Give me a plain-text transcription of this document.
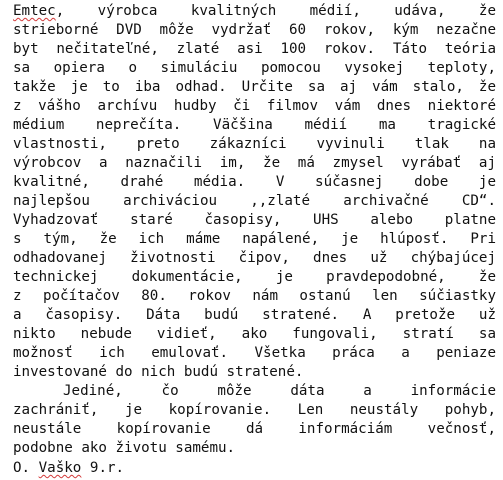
Emtec, výrobca kvalitných médií, udáva, že
strieborné DVD môže vydržať 60 rokov, kým nezačne
byt nečitateľné, zlaté asi 100 rokov. Táto teória
sa opiera o simuláciu pomocou vysokej teploty,
takže je to iba odhad. Určite sa aj vám stalo, že
z vášho archívu hudby či filmov vám dnes niektoré
médium neprečíta. Väčšina médií ma tragické
vlastnosti, preto zákazníci vyvinuli tlak na
výrobcov a naznačili im, že má zmysel vyrábať aj
kvalitné, drahé média. V súčasnej dobe je
najlepšou archiváciou ,,zlaté archivačné CD“.
Vyhadzovať staré časopisy, UHS alebo platne
s tým, že ich máme napálené, je hlúposť. Pri
odhadovanej životnosti čipov, dnes už chýbajúcej
technickej dokumentácie, je pravdepodobné, že
z počítačov 80. rokov nám ostanú len súčiastky
a časopisy. Dáta budú stratené. A pretože už
nikto nebude vidieť, ako fungovali, stratí sa
možnosť ich emulovať. Všetka práca a peniaze
investované do nich budú stratené.
Jediné, čo môže dáta a informácie
zachrániť, je kopírovanie. Len neustály pohyb,
neustále kopírovanie dá informáciám večnosť,
podobne ako životu samému.
O. Vaško 9.r.
